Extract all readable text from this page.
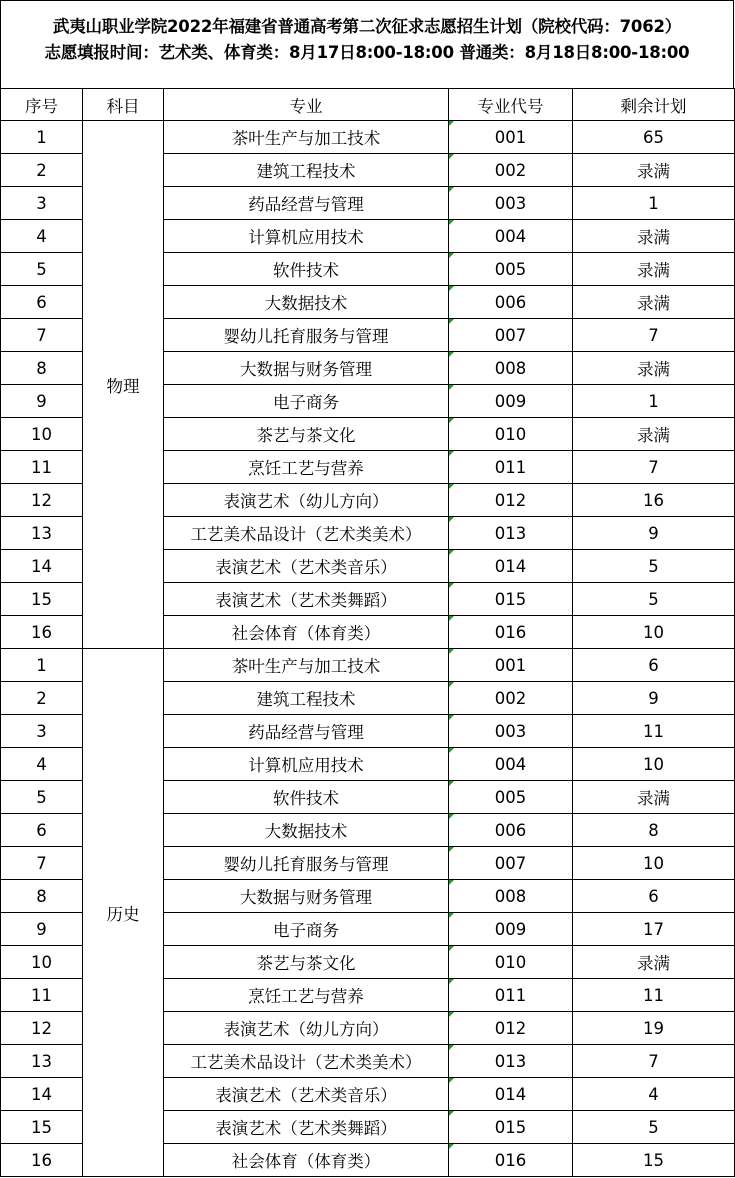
武夷山职业学院2022年福建省普通高考第二次征求志愿招生计划（院校代码：7062）
志愿填报时间：艺术类、体育类：8月17日8:00-18:00 普通类：8月18日8:00-18:00
序号	科目	专业	专业代号	剩余计划
1	物理	茶叶生产与加工技术	001	65
2		建筑工程技术	002	录满
3		药品经营与管理	003	1
4		计算机应用技术	004	录满
5		软件技术	005	录满
6		大数据技术	006	录满
7		婴幼儿托育服务与管理	007	7
8		大数据与财务管理	008	录满
9		电子商务	009	1
10		茶艺与茶文化	010	录满
11		烹饪工艺与营养	011	7
12		表演艺术（幼儿方向）	012	16
13		工艺美术品设计（艺术类美术）	013	9
14		表演艺术（艺术类音乐）	014	5
15		表演艺术（艺术类舞蹈）	015	5
16		社会体育（体育类）	016	10
1	历史	茶叶生产与加工技术	001	6
2		建筑工程技术	002	9
3		药品经营与管理	003	11
4		计算机应用技术	004	10
5		软件技术	005	录满
6		大数据技术	006	8
7		婴幼儿托育服务与管理	007	10
8		大数据与财务管理	008	6
9		电子商务	009	17
10		茶艺与茶文化	010	录满
11		烹饪工艺与营养	011	11
12		表演艺术（幼儿方向）	012	19
13		工艺美术品设计（艺术类美术）	013	7
14		表演艺术（艺术类音乐）	014	4
15		表演艺术（艺术类舞蹈）	015	5
16		社会体育（体育类）	016	15
